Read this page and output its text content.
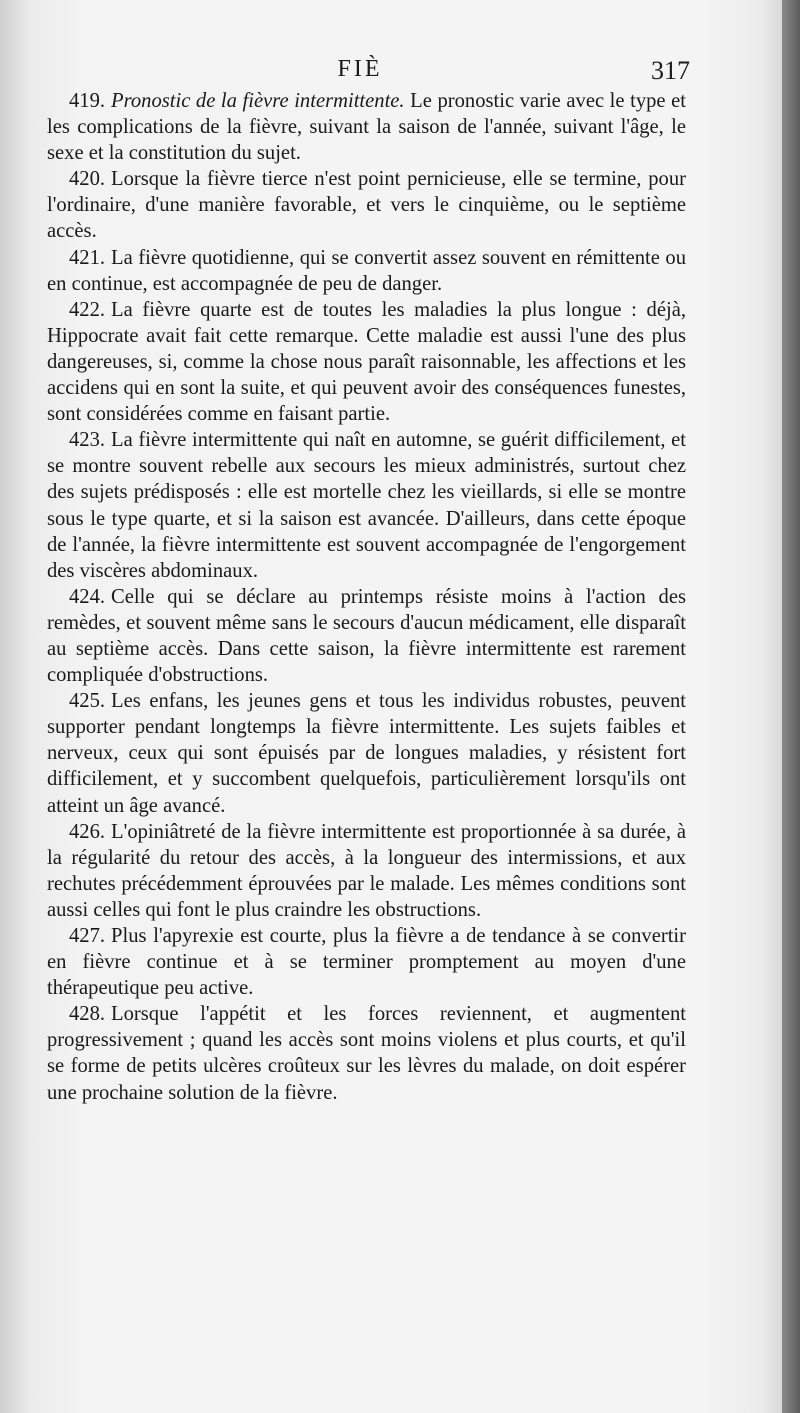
FIÈ	317

419. Pronostic de la fièvre intermittente. Le pronostic varie avec le type et les complications de la fièvre, suivant la saison de l'année, suivant l'âge, le sexe et la constitution du sujet.

420. Lorsque la fièvre tierce n'est point pernicieuse, elle se termine, pour l'ordinaire, d'une manière favorable, et vers le cinquième, ou le septième accès.

421. La fièvre quotidienne, qui se convertit assez souvent en rémittente ou en continue, est accompagnée de peu de danger.

422. La fièvre quarte est de toutes les maladies la plus longue : déjà, Hippocrate avait fait cette remarque. Cette maladie est aussi l'une des plus dangereuses, si, comme la chose nous paraît raisonnable, les affections et les accidens qui en sont la suite, et qui peuvent avoir des conséquences funestes, sont considérées comme en faisant partie.

423. La fièvre intermittente qui naît en automne, se guérit difficilement, et se montre souvent rebelle aux secours les mieux administrés, surtout chez des sujets prédisposés : elle est mortelle chez les vieillards, si elle se montre sous le type quarte, et si la saison est avancée. D'ailleurs, dans cette époque de l'année, la fièvre intermittente est souvent accompagnée de l'engorgement des viscères abdominaux.

424. Celle qui se déclare au printemps résiste moins à l'action des remèdes, et souvent même sans le secours d'aucun médicament, elle disparaît au septième accès. Dans cette saison, la fièvre intermittente est rarement compliquée d'obstructions.

425. Les enfans, les jeunes gens et tous les individus robustes, peuvent supporter pendant longtemps la fièvre intermittente. Les sujets faibles et nerveux, ceux qui sont épuisés par de longues maladies, y résistent fort difficilement, et y succombent quelquefois, particulièrement lorsqu'ils ont atteint un âge avancé.

426. L'opiniâtreté de la fièvre intermittente est proportionnée à sa durée, à la régularité du retour des accès, à la longueur des intermissions, et aux rechutes précédemment éprouvées par le malade. Les mêmes conditions sont aussi celles qui font le plus craindre les obstructions.

427. Plus l'apyrexie est courte, plus la fièvre a de tendance à se convertir en fièvre continue et à se terminer promptement au moyen d'une thérapeutique peu active.

428. Lorsque l'appétit et les forces reviennent, et augmentent progressivement ; quand les accès sont moins violens et plus courts, et qu'il se forme de petits ulcères croûteux sur les lèvres du malade, on doit espérer une prochaine solution de la fièvre.
